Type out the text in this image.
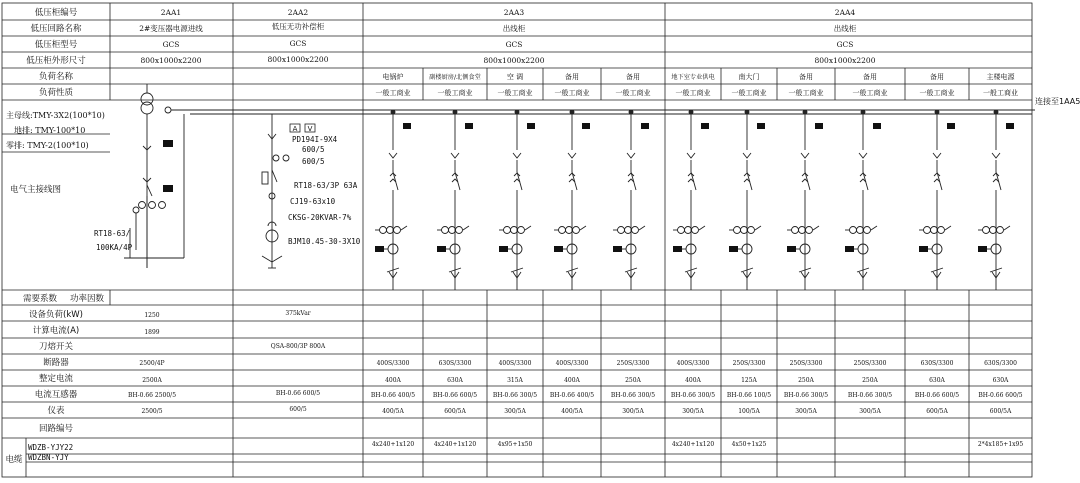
低压柜编号
低压回路名称
低压柜型号
低压柜外形尺寸
负荷名称
负荷性质
主母线:TMY-3X2(100*10)
地排: TMY-100*10
零排: TMY-2(100*10)
电气主接线图
2AA1
2#变压器电源进线
GCS
800x1000x2200
2AA2
低压无功补偿柜
GCS
800x1000x2200
2AA3
出线柜
GCS
800x1000x2200
2AA4
出线柜
GCS
800x1000x2200
电锅炉
一般工商业
副楼厨房/北侧食堂
一般工商业
空 调
一般工商业
备用
一般工商业
备用
一般工商业
地下室专业供电
一般工商业
南大门
一般工商业
备用
一般工商业
备用
一般工商业
备用
一般工商业
主楼电源
一般工商业
连接至1AA5
RT18-63/
100KA/4P
A V
PD194I-9X4
600/5
600/5
RT18-63/3P 63A
CJ19-63x10
CKSG-20KVAR-7%
BJM10.45-30-3X10
需要系数 功率因数
设备负荷(kW)
计算电流(A)
刀熔开关
断路器
整定电流
电流互感器
仪表
回路编号
电缆
WDZB-YJY22
WDZBN-YJY
1250
1899
2500/4P
2500A
BH-0.66 2500/5
2500/5
375kVar
QSA-800/3P 800A
BH-0.66 600/5
600/5
400S/3300
400A
BH-0.66 400/5
400/5A
4x240+1x120
630S/3300
630A
BH-0.66 600/5
600/5A
4x240+1x120
400S/3300
315A
BH-0.66 300/5
300/5A
4x95+1x50
400S/3300
400A
BH-0.66 400/5
400/5A
250S/3300
250A
BH-0.66 300/5
300/5A
400S/3300
400A
BH-0.66 300/5
300/5A
4x240+1x120
250S/3300
125A
BH-0.66 100/5
100/5A
4x50+1x25
250S/3300
250A
BH-0.66 300/5
300/5A
250S/3300
250A
BH-0.66 300/5
300/5A
630S/3300
630A
BH-0.66 600/5
600/5A
630S/3300
630A
BH-0.66 600/5
600/5A
2*4x185+1x95
